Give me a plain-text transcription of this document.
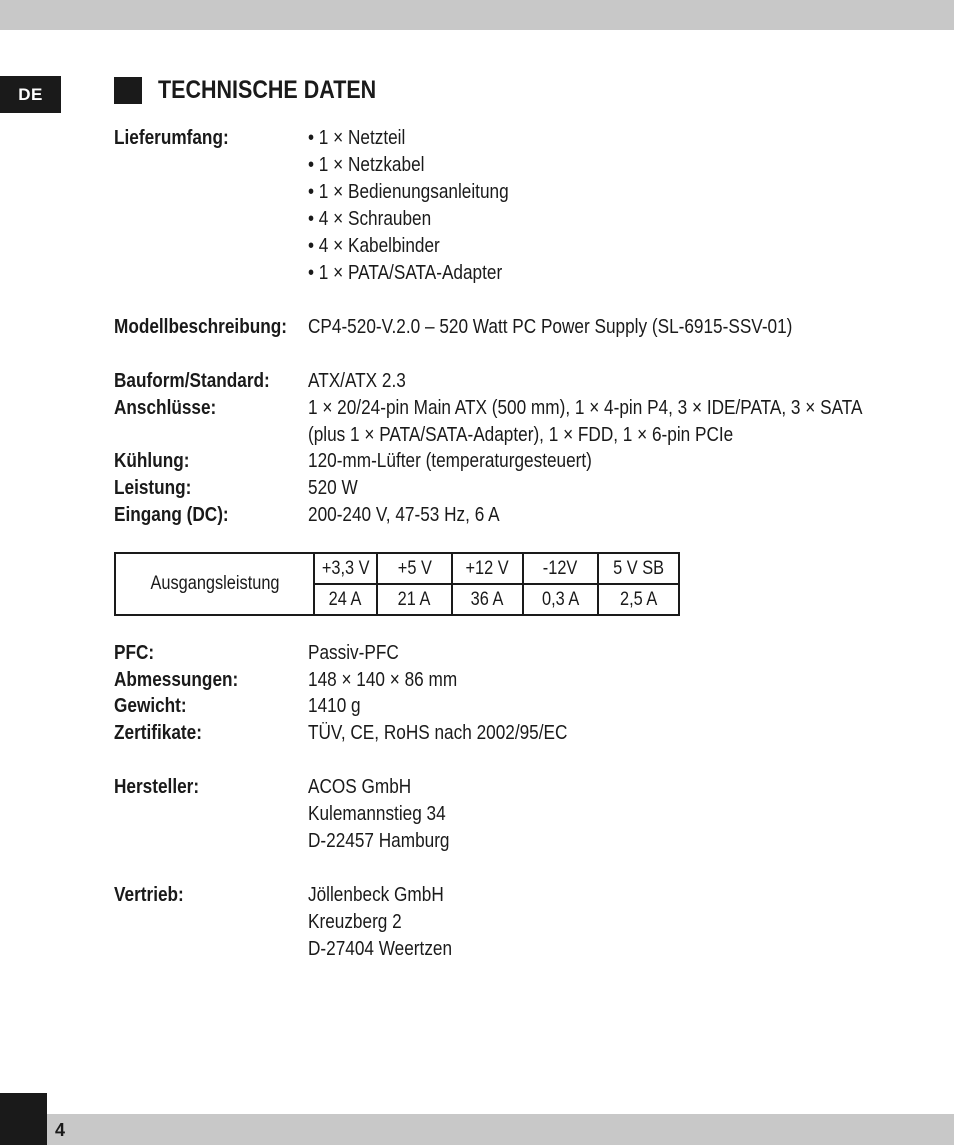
DE	TECHNISCHE DATEN
Lieferumfang:	• 1 × Netzteil
• 1 × Netzkabel
• 1 × Bedienungsanleitung
• 4 × Schrauben
• 4 × Kabelbinder
• 1 × PATA/SATA-Adapter
Modellbeschreibung: CP4-520-V.2.0 – 520 Watt PC Power Supply (SL-6915-SSV-01)
Bauform/Standard: ATX/ATX 2.3
Anschlüsse:	1 × 20/24-pin Main ATX (500 mm), 1 × 4-pin P4, 3 × IDE/PATA, 3 × SATA
(plus 1 × PATA/SATA-Adapter), 1 × FDD, 1 × 6-pin PCIe
Kühlung:	120-mm-Lüfter (temperaturgesteuert)
Leistung:	520 W
Eingang (DC):	200-240 V, 47-53 Hz, 6 A
Ausgangsleistung	+3,3 V	+5 V	+12 V	-12V	5 V SB
	24 A	21 A	36 A	0,3 A	2,5 A
PFC:	Passiv-PFC
Abmessungen:	148 × 140 × 86 mm
Gewicht:	1410 g
Zertifikate:	TÜV, CE, RoHS nach 2002/95/EC
Hersteller:	ACOS GmbH
Kulemannstieg 34
D-22457 Hamburg
Vertrieb:	Jöllenbeck GmbH
Kreuzberg 2
D-27404 Weertzen
4
